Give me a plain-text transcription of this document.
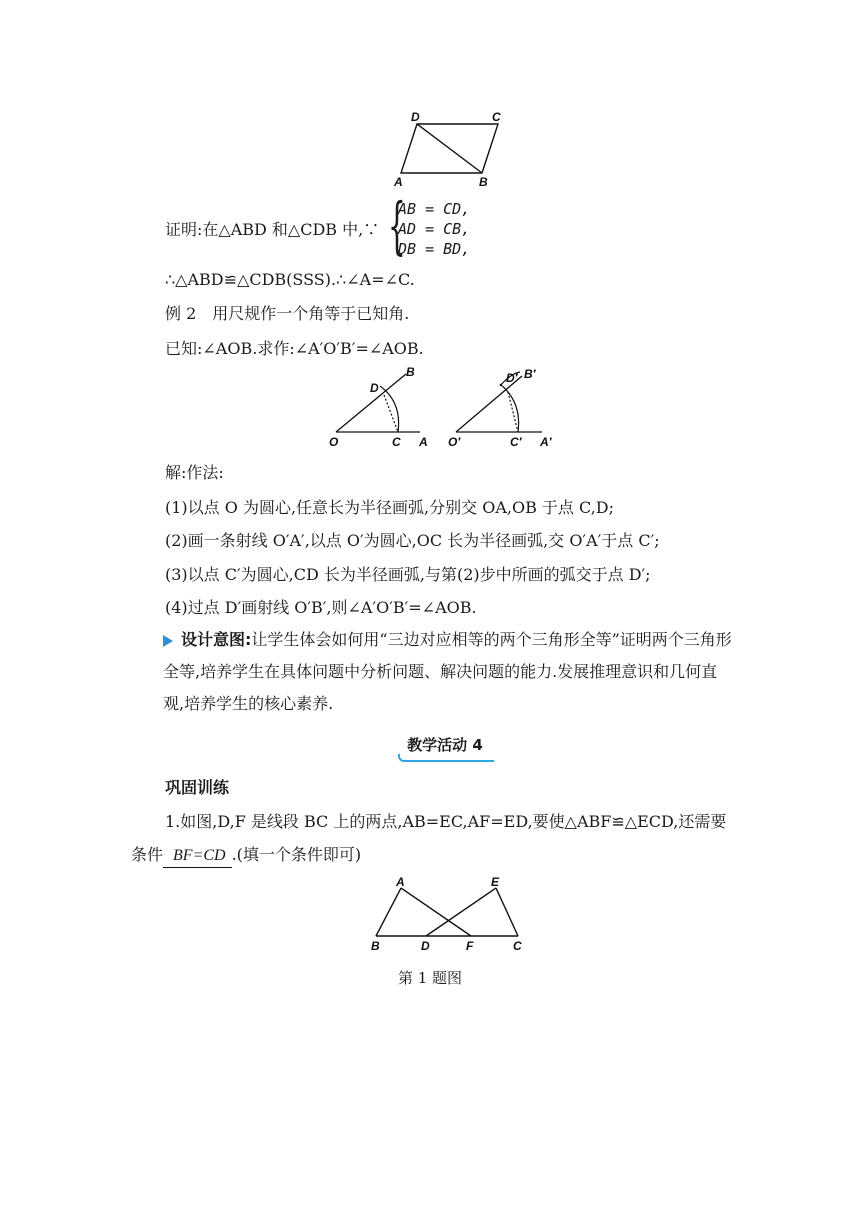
D	C
A	B
证明:在△ABD 和△CDB 中,∵ {
AB = CD,
AD = CB,
DB = BD,
∴△ABD≌△CDB(SSS).∴∠A=∠C.
例 2　用尺规作一个角等于已知角.
已知:∠AOB.求作:∠A′O′B′=∠AOB.
B
D
O	C A
D′ B′
O′	C′ A′
解:作法:
(1)以点 O 为圆心,任意长为半径画弧,分别交 OA,OB 于点 C,D;
(2)画一条射线 O′A′,以点 O′为圆心,OC 长为半径画弧,交 O′A′于点 C′;
(3)以点 C′为圆心,CD 长为半径画弧,与第(2)步中所画的弧交于点 D′;
(4)过点 D′画射线 O′B′,则∠A′O′B′=∠AOB.
设计意图:让学生体会如何用“三边对应相等的两个三角形全等”证明两个三角形全等,培养学生在具体问题中分析问题、解决问题的能力.发展推理意识和几何直观,培养学生的核心素养.
教学活动 4
巩固训练
1.如图,D,F 是线段 BC 上的两点,AB=EC,AF=ED,要使△ABF≌△ECD,还需要
条件 BF=CD .(填一个条件即可)
A	E
B	D	F	C
第 1 题图
